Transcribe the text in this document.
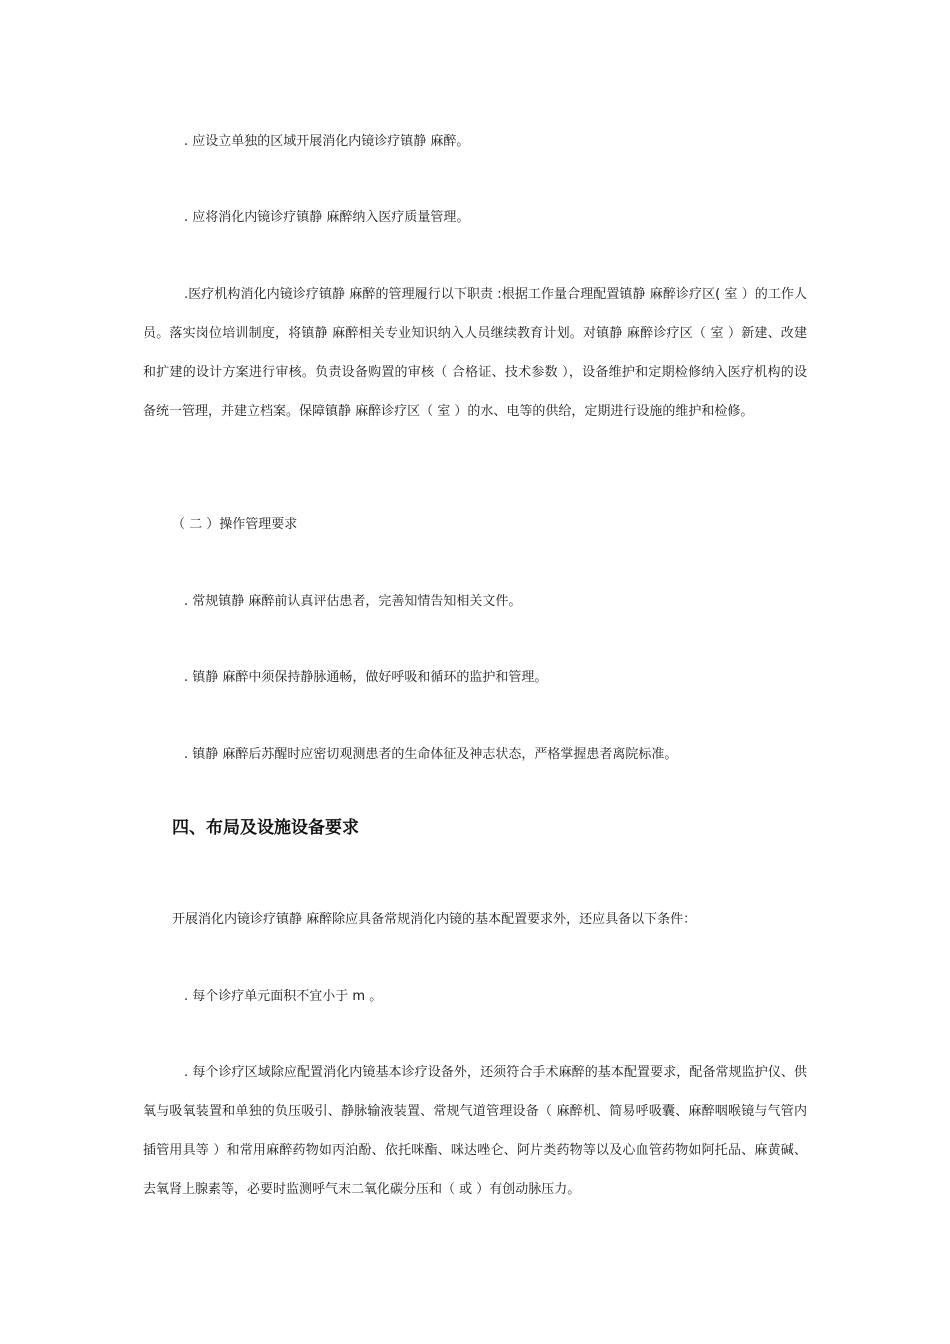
. 应设立单独的区域开展消化内镜诊疗镇静 麻醉。

. 应将消化内镜诊疗镇静 麻醉纳入医疗质量管理。

.医疗机构消化内镜诊疗镇静 麻醉的管理履行以下职责 :根据工作量合理配置镇静 麻醉诊疗区( 室 ）的工作人员。落实岗位培训制度，将镇静 麻醉相关专业知识纳入人员继续教育计划。对镇静 麻醉诊疗区（ 室 ）新建、改建和扩建的设计方案进行审核。负责设备购置的审核（ 合格证、技术参数 ），设备维护和定期检修纳入医疗机构的设备统一管理，并建立档案。保障镇静 麻醉诊疗区（ 室 ）的水、电等的供给，定期进行设施的维护和检修。

（ 二 ）操作管理要求

. 常规镇静 麻醉前认真评估患者，完善知情告知相关文件。

. 镇静 麻醉中须保持静脉通畅，做好呼吸和循环的监护和管理。

. 镇静 麻醉后苏醒时应密切观测患者的生命体征及神志状态，严格掌握患者离院标准。

四、布局及设施设备要求

开展消化内镜诊疗镇静 麻醉除应具备常规消化内镜的基本配置要求外，还应具备以下条件：

. 每个诊疗单元面积不宜小于 m 。

. 每个诊疗区域除应配置消化内镜基本诊疗设备外，还须符合手术麻醉的基本配置要求，配备常规监护仪、供氧与吸氧装置和单独的负压吸引、静脉输液装置、常规气道管理设备（ 麻醉机、简易呼吸囊、麻醉咽喉镜与气管内插管用具等 ）和常用麻醉药物如丙泊酚、依托咪酯、咪达唑仑、阿片类药物等以及心血管药物如阿托品、麻黄碱、去氧肾上腺素等，必要时监测呼气末二氧化碳分压和（ 或 ）有创动脉压力。
